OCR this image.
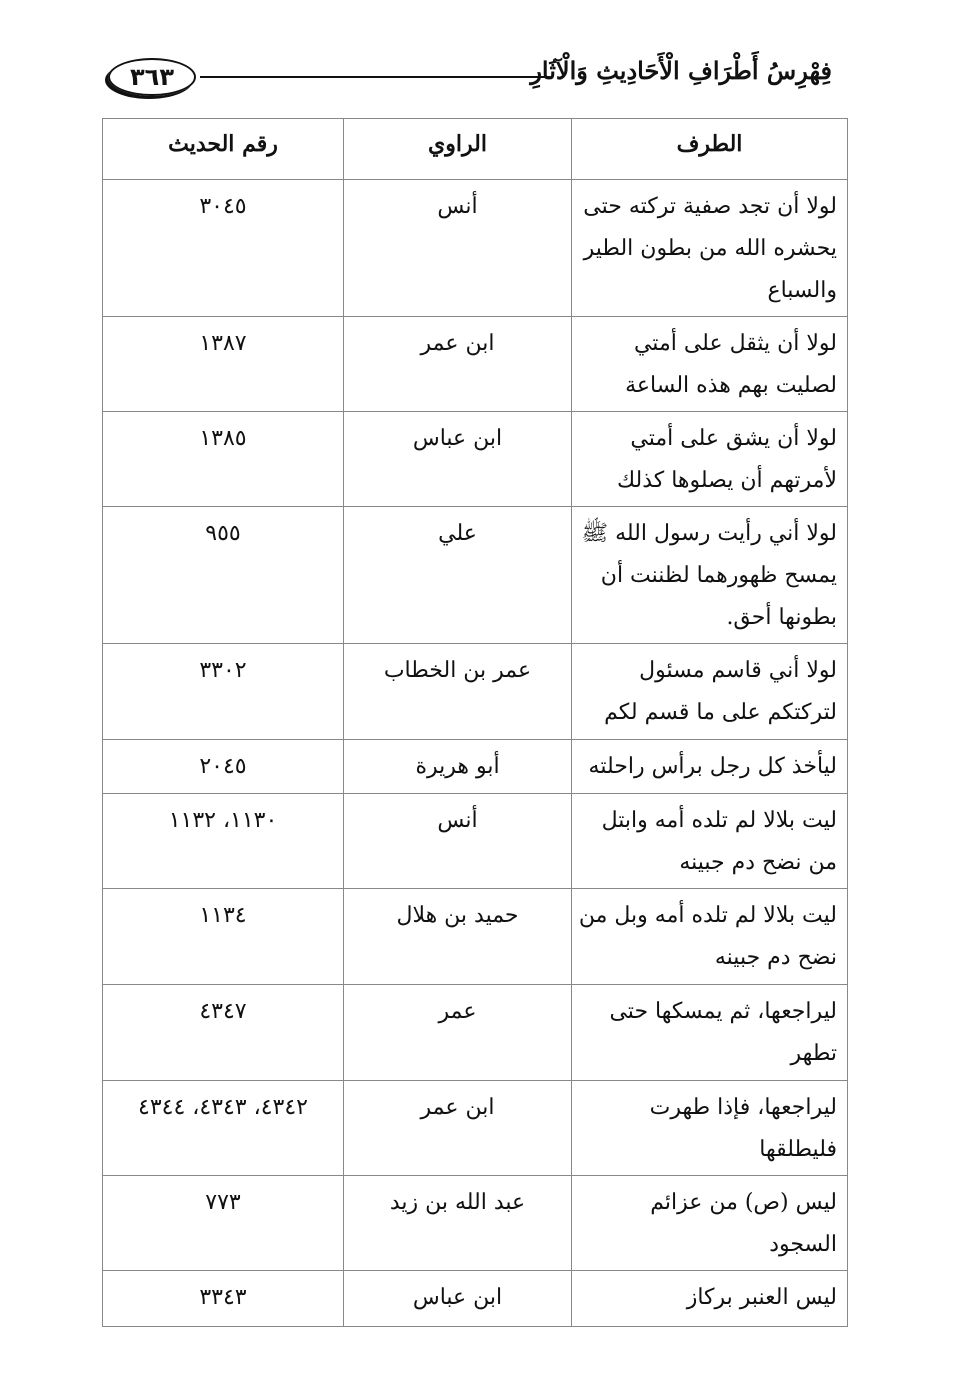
٣٦٣	فِهْرِسُ أَطْرَافِ الْأَحَادِيثِ وَالْآثَارِ
الطرف	الراوي	رقم الحديث
لولا أن تجد صفية تركته حتى يحشره الله من بطون الطير والسباع	أنس	٣٠٤٥
لولا أن يثقل على أمتي لصليت بهم هذه الساعة	ابن عمر	١٣٨٧
لولا أن يشق على أمتي لأمرتهم أن يصلوها كذلك	ابن عباس	١٣٨٥
لولا أني رأيت رسول الله ﷺ يمسح ظهورهما لظننت أن بطونها أحق.	علي	٩٥٥
لولا أني قاسم مسئول لتركتكم على ما قسم لكم	عمر بن الخطاب	٣٣٠٢
ليأخذ كل رجل برأس راحلته	أبو هريرة	٢٠٤٥
ليت بلالا لم تلده أمه وابتل من نضح دم جبينه	أنس	١١٣٠، ١١٣٢
ليت بلالا لم تلده أمه وبل من نضح دم جبينه	حميد بن هلال	١١٣٤
ليراجعها، ثم يمسكها حتى تطهر	عمر	٤٣٤٧
ليراجعها، فإذا طهرت فليطلقها	ابن عمر	٤٣٤٢، ٤٣٤٣، ٤٣٤٤
ليس (ص) من عزائم السجود	عبد الله بن زيد	٧٧٣
ليس العنبر بركاز	ابن عباس	٣٣٤٣
